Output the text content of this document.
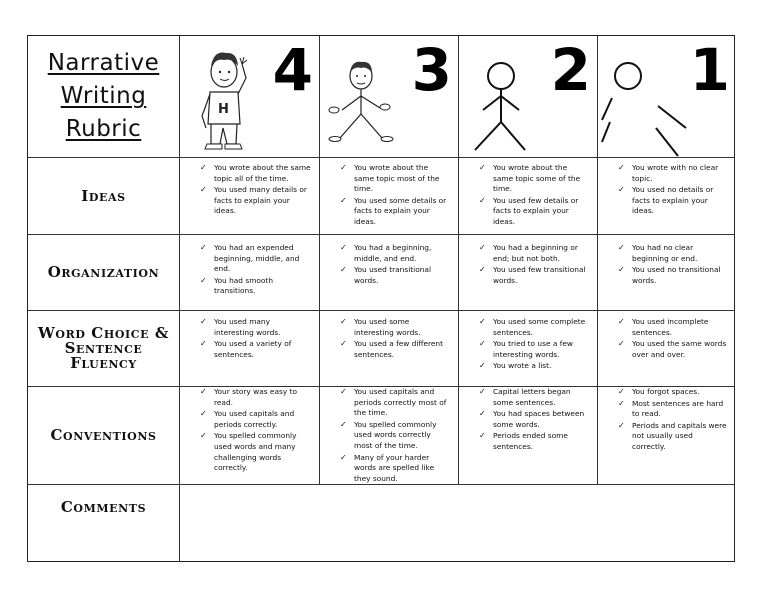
Narrative
Writing
Rubric
H
4 3 2 1
Ideas
Organization
Word Choice & Sentence Fluency
Conventions
Comments
✓ You wrote about the same topic all of the time.
✓ You used many details or facts to explain your ideas.
✓ You wrote about the same topic most of the time.
✓ You used some details or facts to explain your ideas.
✓ You wrote about the same topic some of the time.
✓ You used few details or facts to explain your ideas.
✓ You wrote with no clear topic.
✓ You used no details or facts to explain your ideas.
✓ You had an expended beginning, middle, and end.
✓ You had smooth transitions.
✓ You had a beginning, middle, and end.
✓ You used transitional words.
✓ You had a beginning or end; but not both.
✓ You used few transitional words.
✓ You had no clear beginning or end.
✓ You used no transitional words.
✓ You used many interesting words.
✓ You used a variety of sentences.
✓ You used some interesting words.
✓ You used a few different sentences.
✓ You used some complete sentences.
✓ You tried to use a few interesting words.
✓ You wrote a list.
✓ You used incomplete sentences.
✓ You used the same words over and over.
✓ Your story was easy to read.
✓ You used capitals and periods correctly.
✓ You spelled commonly used words and many challenging words correctly.
✓ You used capitals and periods correctly most of the time.
✓ You spelled commonly used words correctly most of the time.
✓ Many of your harder words are spelled like they sound.
✓ Capital letters began some sentences.
✓ You had spaces between some words.
✓ Periods ended some sentences.
✓ You forgot spaces.
✓ Most sentences are hard to read.
✓ Periods and capitals were not usually used correctly.
